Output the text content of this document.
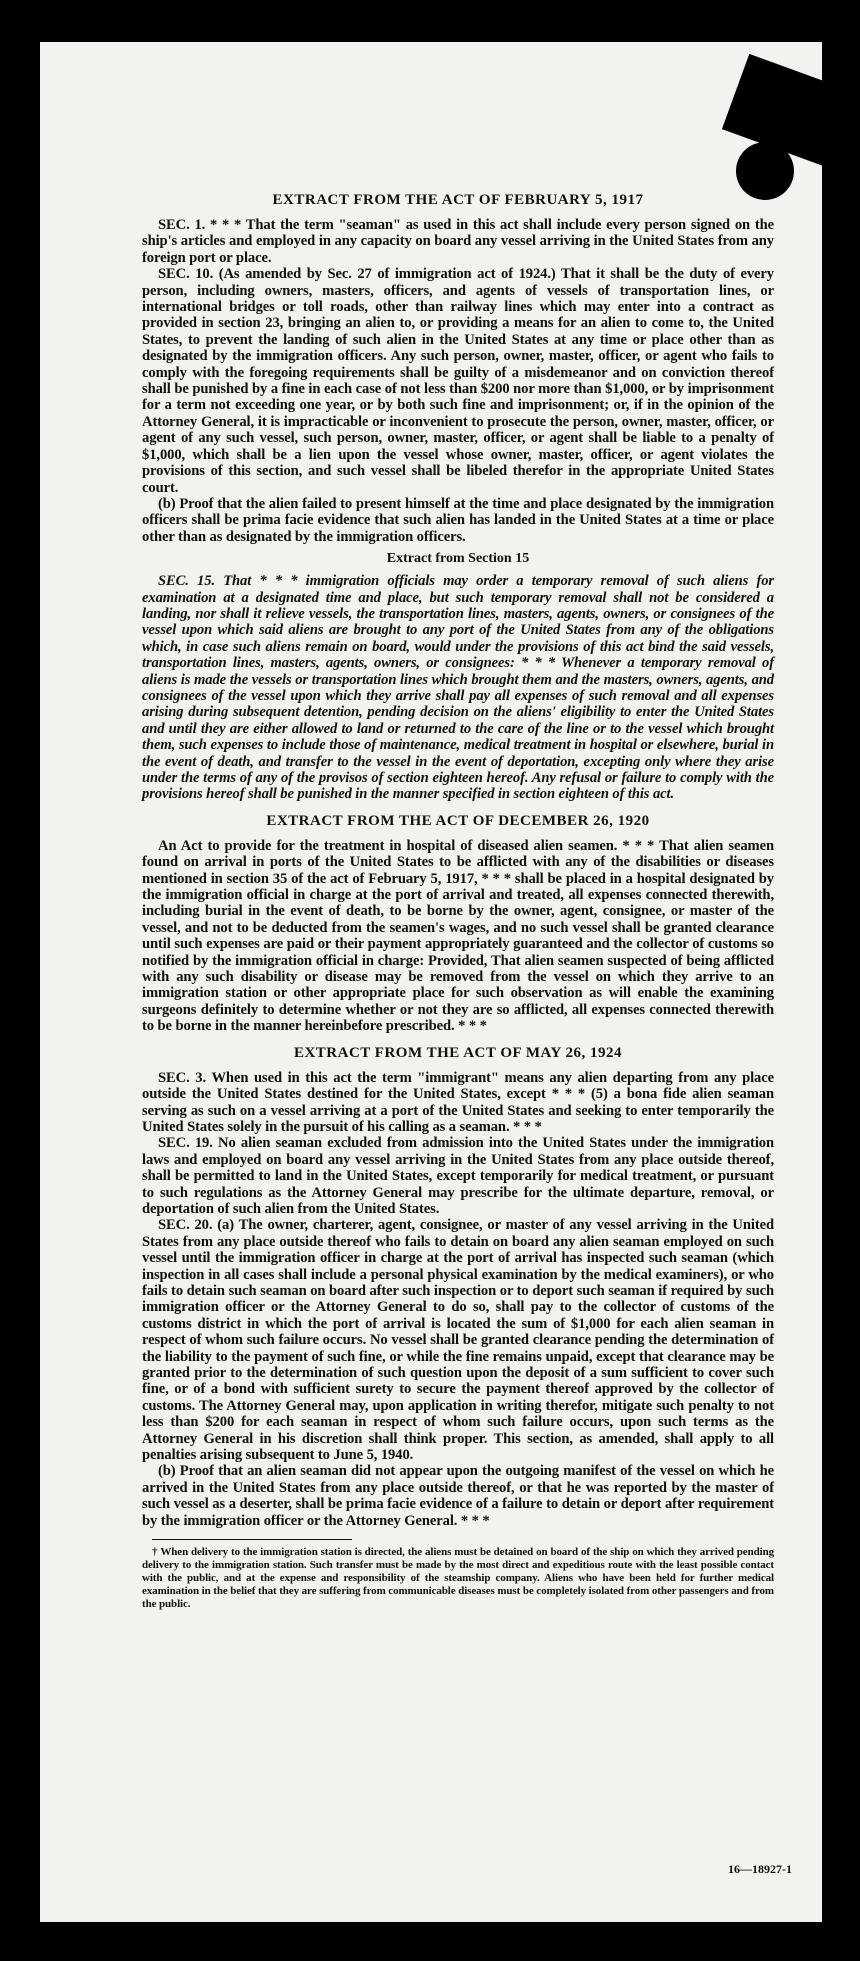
EXTRACT FROM THE ACT OF FEBRUARY 5, 1917

SEC. 1. * * * That the term "seaman" as used in this act shall include every person signed on the ship's articles and employed in any capacity on board any vessel arriving in the United States from any foreign port or place.

SEC. 10. (As amended by Sec. 27 of immigration act of 1924.) That it shall be the duty of every person, including owners, masters, officers, and agents of vessels of transportation lines, or international bridges or toll roads, other than railway lines which may enter into a contract as provided in section 23, bringing an alien to, or providing a means for an alien to come to, the United States, to prevent the landing of such alien in the United States at any time or place other than as designated by the immigration officers. Any such person, owner, master, officer, or agent who fails to comply with the foregoing requirements shall be guilty of a misdemeanor and on conviction thereof shall be punished by a fine in each case of not less than $200 nor more than $1,000, or by imprisonment for a term not exceeding one year, or by both such fine and imprisonment; or, if in the opinion of the Attorney General, it is impracticable or inconvenient to prosecute the person, owner, master, officer, or agent of any such vessel, such person, owner, master, officer, or agent shall be liable to a penalty of $1,000, which shall be a lien upon the vessel whose owner, master, officer, or agent violates the provisions of this section, and such vessel shall be libeled therefor in the appropriate United States court.

(b) Proof that the alien failed to present himself at the time and place designated by the immigration officers shall be prima facie evidence that such alien has landed in the United States at a time or place other than as designated by the immigration officers.

Extract from Section 15

SEC. 15. That * * * immigration officials may order a temporary removal of such aliens for examination at a designated time and place, but such temporary removal shall not be considered a landing, nor shall it relieve vessels, the transportation lines, masters, agents, owners, or consignees of the vessel upon which said aliens are brought to any port of the United States from any of the obligations which, in case such aliens remain on board, would under the provisions of this act bind the said vessels, transportation lines, masters, agents, owners, or consignees: * * * Whenever a temporary removal of aliens is made the vessels or transportation lines which brought them and the masters, owners, agents, and consignees of the vessel upon which they arrive shall pay all expenses of such removal and all expenses arising during subsequent detention, pending decision on the aliens' eligibility to enter the United States and until they are either allowed to land or returned to the care of the line or to the vessel which brought them, such expenses to include those of maintenance, medical treatment in hospital or elsewhere, burial in the event of death, and transfer to the vessel in the event of deportation, excepting only where they arise under the terms of any of the provisos of section eighteen hereof. Any refusal or failure to comply with the provisions hereof shall be punished in the manner specified in section eighteen of this act.

EXTRACT FROM THE ACT OF DECEMBER 26, 1920

An Act to provide for the treatment in hospital of diseased alien seamen. * * * That alien seamen found on arrival in ports of the United States to be afflicted with any of the disabilities or diseases mentioned in section 35 of the act of February 5, 1917, * * * shall be placed in a hospital designated by the immigration official in charge at the port of arrival and treated, all expenses connected therewith, including burial in the event of death, to be borne by the owner, agent, consignee, or master of the vessel, and not to be deducted from the seamen's wages, and no such vessel shall be granted clearance until such expenses are paid or their payment appropriately guaranteed and the collector of customs so notified by the immigration official in charge: Provided, That alien seamen suspected of being afflicted with any such disability or disease may be removed from the vessel on which they arrive to an immigration station or other appropriate place for such observation as will enable the examining surgeons definitely to determine whether or not they are so afflicted, all expenses connected therewith to be borne in the manner hereinbefore prescribed. * * *

EXTRACT FROM THE ACT OF MAY 26, 1924

SEC. 3. When used in this act the term "immigrant" means any alien departing from any place outside the United States destined for the United States, except * * * (5) a bona fide alien seaman serving as such on a vessel arriving at a port of the United States and seeking to enter temporarily the United States solely in the pursuit of his calling as a seaman. * * *

SEC. 19. No alien seaman excluded from admission into the United States under the immigration laws and employed on board any vessel arriving in the United States from any place outside thereof, shall be permitted to land in the United States, except temporarily for medical treatment, or pursuant to such regulations as the Attorney General may prescribe for the ultimate departure, removal, or deportation of such alien from the United States.

SEC. 20. (a) The owner, charterer, agent, consignee, or master of any vessel arriving in the United States from any place outside thereof who fails to detain on board any alien seaman employed on such vessel until the immigration officer in charge at the port of arrival has inspected such seaman (which inspection in all cases shall include a personal physical examination by the medical examiners), or who fails to detain such seaman on board after such inspection or to deport such seaman if required by such immigration officer or the Attorney General to do so, shall pay to the collector of customs of the customs district in which the port of arrival is located the sum of $1,000 for each alien seaman in respect of whom such failure occurs. No vessel shall be granted clearance pending the determination of the liability to the payment of such fine, or while the fine remains unpaid, except that clearance may be granted prior to the determination of such question upon the deposit of a sum sufficient to cover such fine, or of a bond with sufficient surety to secure the payment thereof approved by the collector of customs. The Attorney General may, upon application in writing therefor, mitigate such penalty to not less than $200 for each seaman in respect of whom such failure occurs, upon such terms as the Attorney General in his discretion shall think proper. This section, as amended, shall apply to all penalties arising subsequent to June 5, 1940.

(b) Proof that an alien seaman did not appear upon the outgoing manifest of the vessel on which he arrived in the United States from any place outside thereof, or that he was reported by the master of such vessel as a deserter, shall be prima facie evidence of a failure to detain or deport after requirement by the immigration officer or the Attorney General. * * *

† When delivery to the immigration station is directed, the aliens must be detained on board of the ship on which they arrived pending delivery to the immigration station. Such transfer must be made by the most direct and expeditious route with the least possible contact with the public, and at the expense and responsibility of the steamship company. Aliens who have been held for further medical examination in the belief that they are suffering from communicable diseases must be completely isolated from other passengers and from the public.

16—18927-1
